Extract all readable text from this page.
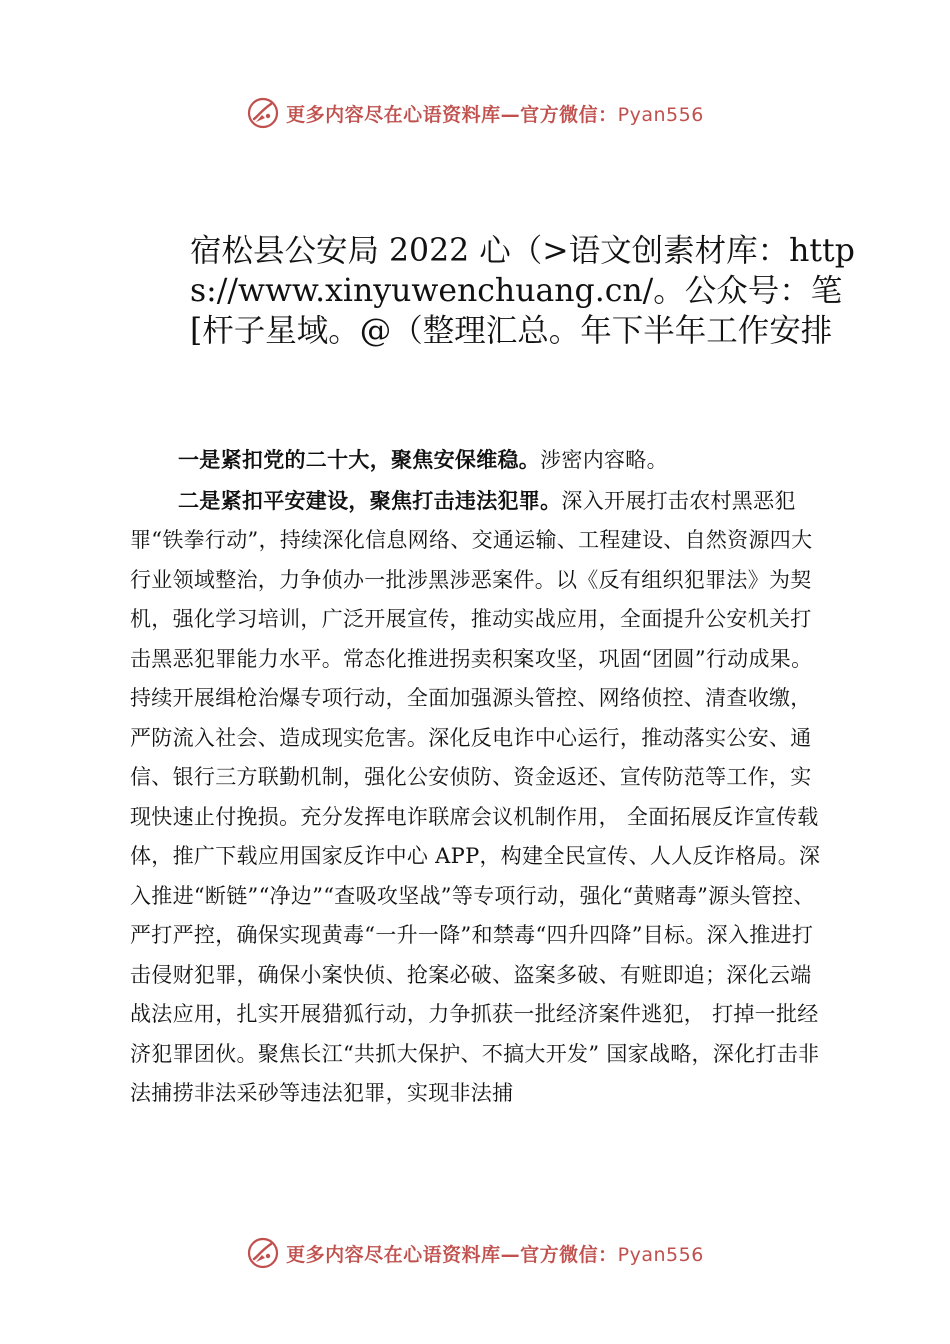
更多内容尽在心语资料库—官方微信：Pyan556
宿松县公安局 2022 心（>语文创素材库：https://www.xinyuwenchuang.cn/。公众号：笔[杆子星域。@（整理汇总。年下半年工作安排

一是紧扣党的二十大，聚焦安保维稳。涉密内容略。

二是紧扣平安建设，聚焦打击违法犯罪。深入开展打击农村黑恶犯罪“铁拳行动”，持续深化信息网络、交通运输、工程建设、自然资源四大行业领域整治，力争侦办一批涉黑涉恶案件。以《反有组织犯罪法》为契机，强化学习培训，广泛开展宣传，推动实战应用，全面提升公安机关打击黑恶犯罪能力水平。常态化推进拐卖积案攻坚，巩固“团圆”行动成果。持续开展缉枪治爆专项行动，全面加强源头管控、网络侦控、清查收缴，严防流入社会、造成现实危害。深化反电诈中心运行，推动落实公安、通信、银行三方联勤机制，强化公安侦防、资金返还、宣传防范等工作，实现快速止付挽损。充分发挥电诈联席会议机制作用， 全面拓展反诈宣传载体，推广下载应用国家反诈中心 APP，构建全民宣传、人人反诈格局。深入推进“断链”“净边”“查吸攻坚战”等专项行动，强化“黄赌毒”源头管控、严打严控，确保实现黄毒“一升一降”和禁毒“四升四降”目标。深入推进打击侵财犯罪，确保小案快侦、抢案必破、盗案多破、有赃即追；深化云端战法应用，扎实开展猎狐行动，力争抓获一批经济案件逃犯， 打掉一批经济犯罪团伙。聚焦长江“共抓大保护、不搞大开发” 国家战略，深化打击非法捕捞非法采砂等违法犯罪，实现非法捕

更多内容尽在心语资料库—官方微信：Pyan556
